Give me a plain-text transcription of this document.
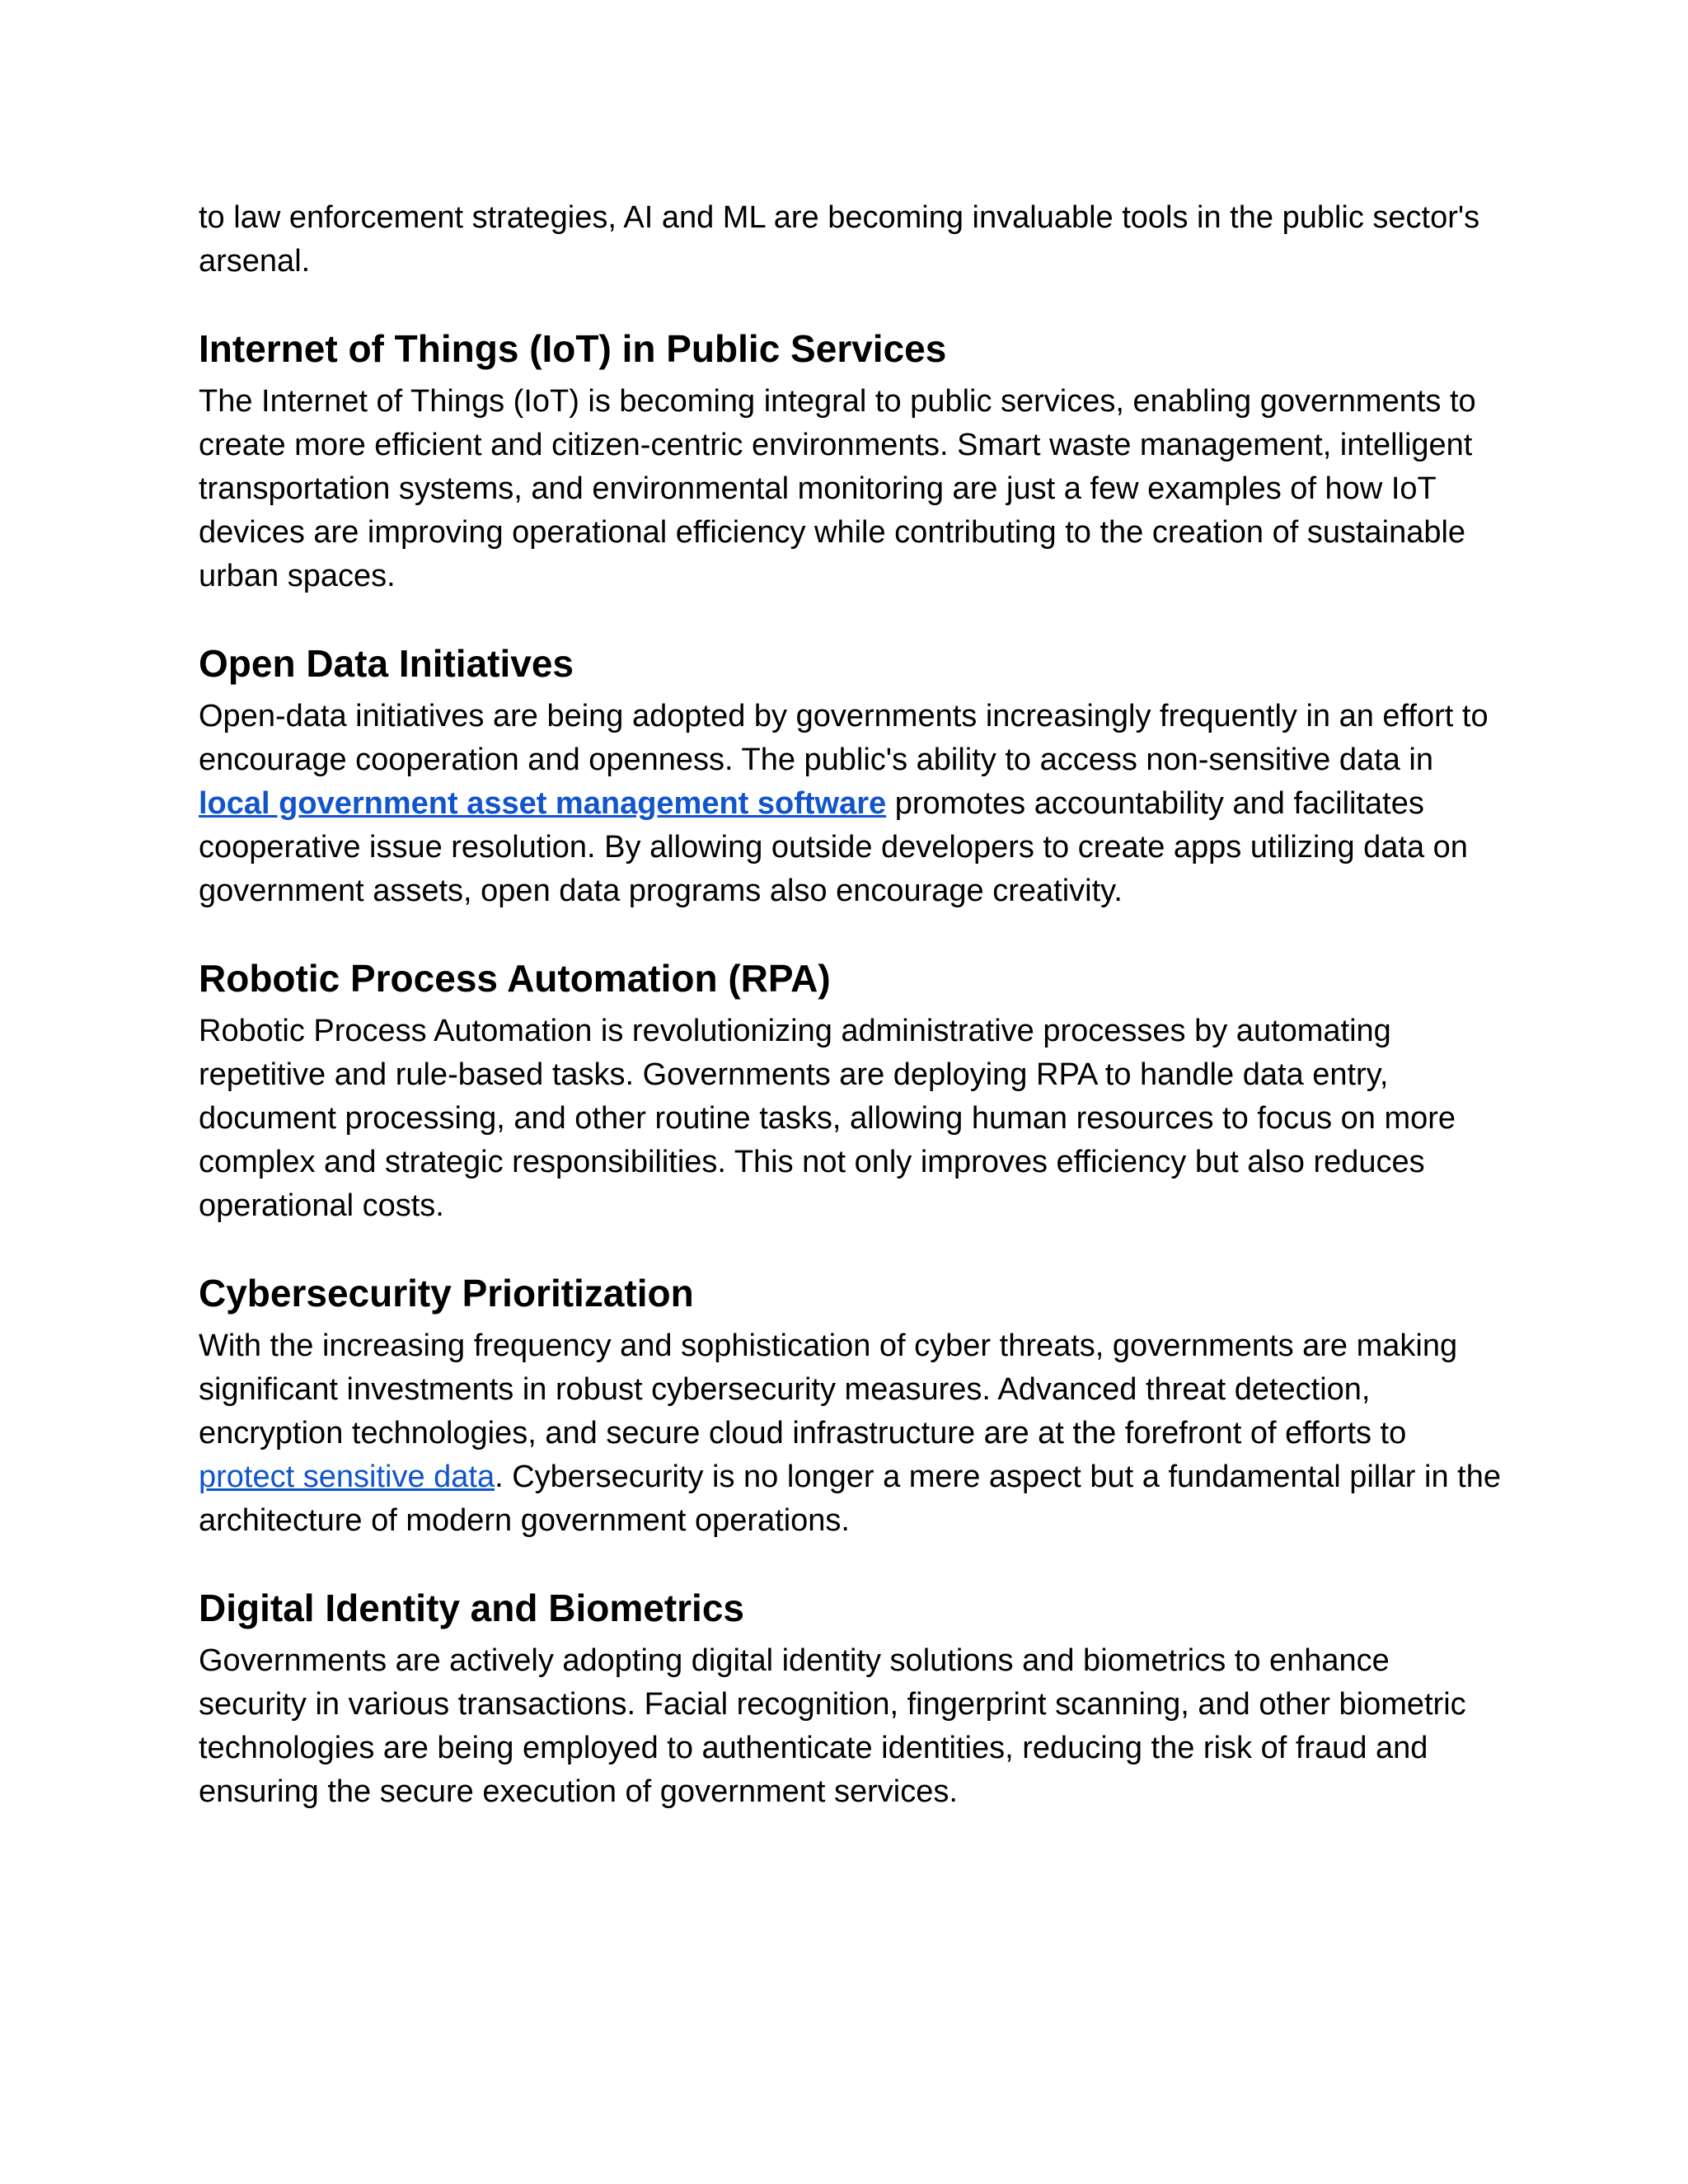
to law enforcement strategies, AI and ML are becoming invaluable tools in the public sector's arsenal.

Internet of Things (IoT) in Public Services

The Internet of Things (IoT) is becoming integral to public services, enabling governments to create more efficient and citizen-centric environments. Smart waste management, intelligent transportation systems, and environmental monitoring are just a few examples of how IoT devices are improving operational efficiency while contributing to the creation of sustainable urban spaces.

Open Data Initiatives

Open-data initiatives are being adopted by governments increasingly frequently in an effort to encourage cooperation and openness. The public's ability to access non-sensitive data in local government asset management software promotes accountability and facilitates cooperative issue resolution. By allowing outside developers to create apps utilizing data on government assets, open data programs also encourage creativity.

Robotic Process Automation (RPA)

Robotic Process Automation is revolutionizing administrative processes by automating repetitive and rule-based tasks. Governments are deploying RPA to handle data entry, document processing, and other routine tasks, allowing human resources to focus on more complex and strategic responsibilities. This not only improves efficiency but also reduces operational costs.

Cybersecurity Prioritization

With the increasing frequency and sophistication of cyber threats, governments are making significant investments in robust cybersecurity measures. Advanced threat detection, encryption technologies, and secure cloud infrastructure are at the forefront of efforts to protect sensitive data. Cybersecurity is no longer a mere aspect but a fundamental pillar in the architecture of modern government operations.

Digital Identity and Biometrics

Governments are actively adopting digital identity solutions and biometrics to enhance security in various transactions. Facial recognition, fingerprint scanning, and other biometric technologies are being employed to authenticate identities, reducing the risk of fraud and ensuring the secure execution of government services.
